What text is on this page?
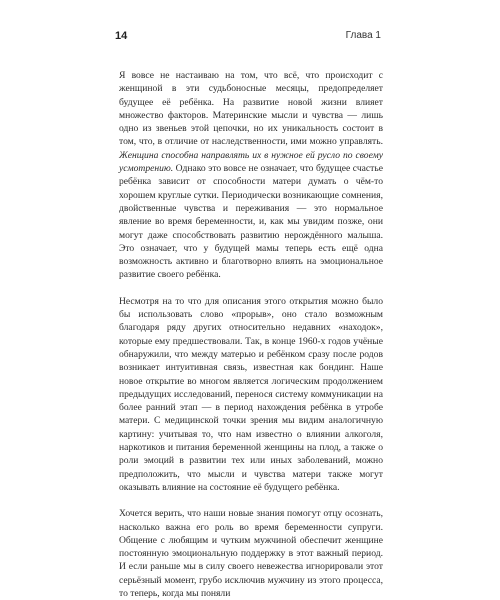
14	Глава 1

Я вовсе не настаиваю на том, что всё, что происходит с женщиной в эти судьбоносные месяцы, предопределяет будущее её ребёнка. На развитие новой жизни влияет множество факторов. Материнские мысли и чувства — лишь одно из звеньев этой цепочки, но их уникальность состоит в том, что, в отличие от наследственности, ими можно управлять. Женщина способна направлять их в нужное ей русло по своему усмотрению. Однако это вовсе не означает, что будущее счастье ребёнка зависит от способности матери думать о чём-то хорошем круглые сутки. Периодически возникающие сомнения, двойственные чувства и переживания — это нормальное явление во время беременности, и, как мы увидим позже, они могут даже способствовать развитию нерождённого малыша. Это означает, что у будущей мамы теперь есть ещё одна возможность активно и благотворно влиять на эмоциональное развитие своего ребёнка.

Несмотря на то что для описания этого открытия можно было бы использовать слово «прорыв», оно стало возможным благодаря ряду других относительно недавних «находок», которые ему предшествовали. Так, в конце 1960-х годов учёные обнаружили, что между матерью и ребёнком сразу после родов возникает интуитивная связь, известная как бондинг. Наше новое открытие во многом является логическим продолжением предыдущих исследований, перенося систему коммуникации на более ранний этап — в период нахождения ребёнка в утробе матери. С медицинской точки зрения мы видим аналогичную картину: учитывая то, что нам известно о влиянии алкоголя, наркотиков и питания беременной женщины на плод, а также о роли эмоций в развитии тех или иных заболеваний, можно предположить, что мысли и чувства матери также могут оказывать влияние на состояние её будущего ребёнка.

Хочется верить, что наши новые знания помогут отцу осознать, насколько важна его роль во время беременности супруги. Общение с любящим и чутким мужчиной обеспечит женщине постоянную эмоциональную поддержку в этот важный период. И если раньше мы в силу своего невежества игнорировали этот серьёзный момент, грубо исключив мужчину из этого процесса, то теперь, когда мы поняли
